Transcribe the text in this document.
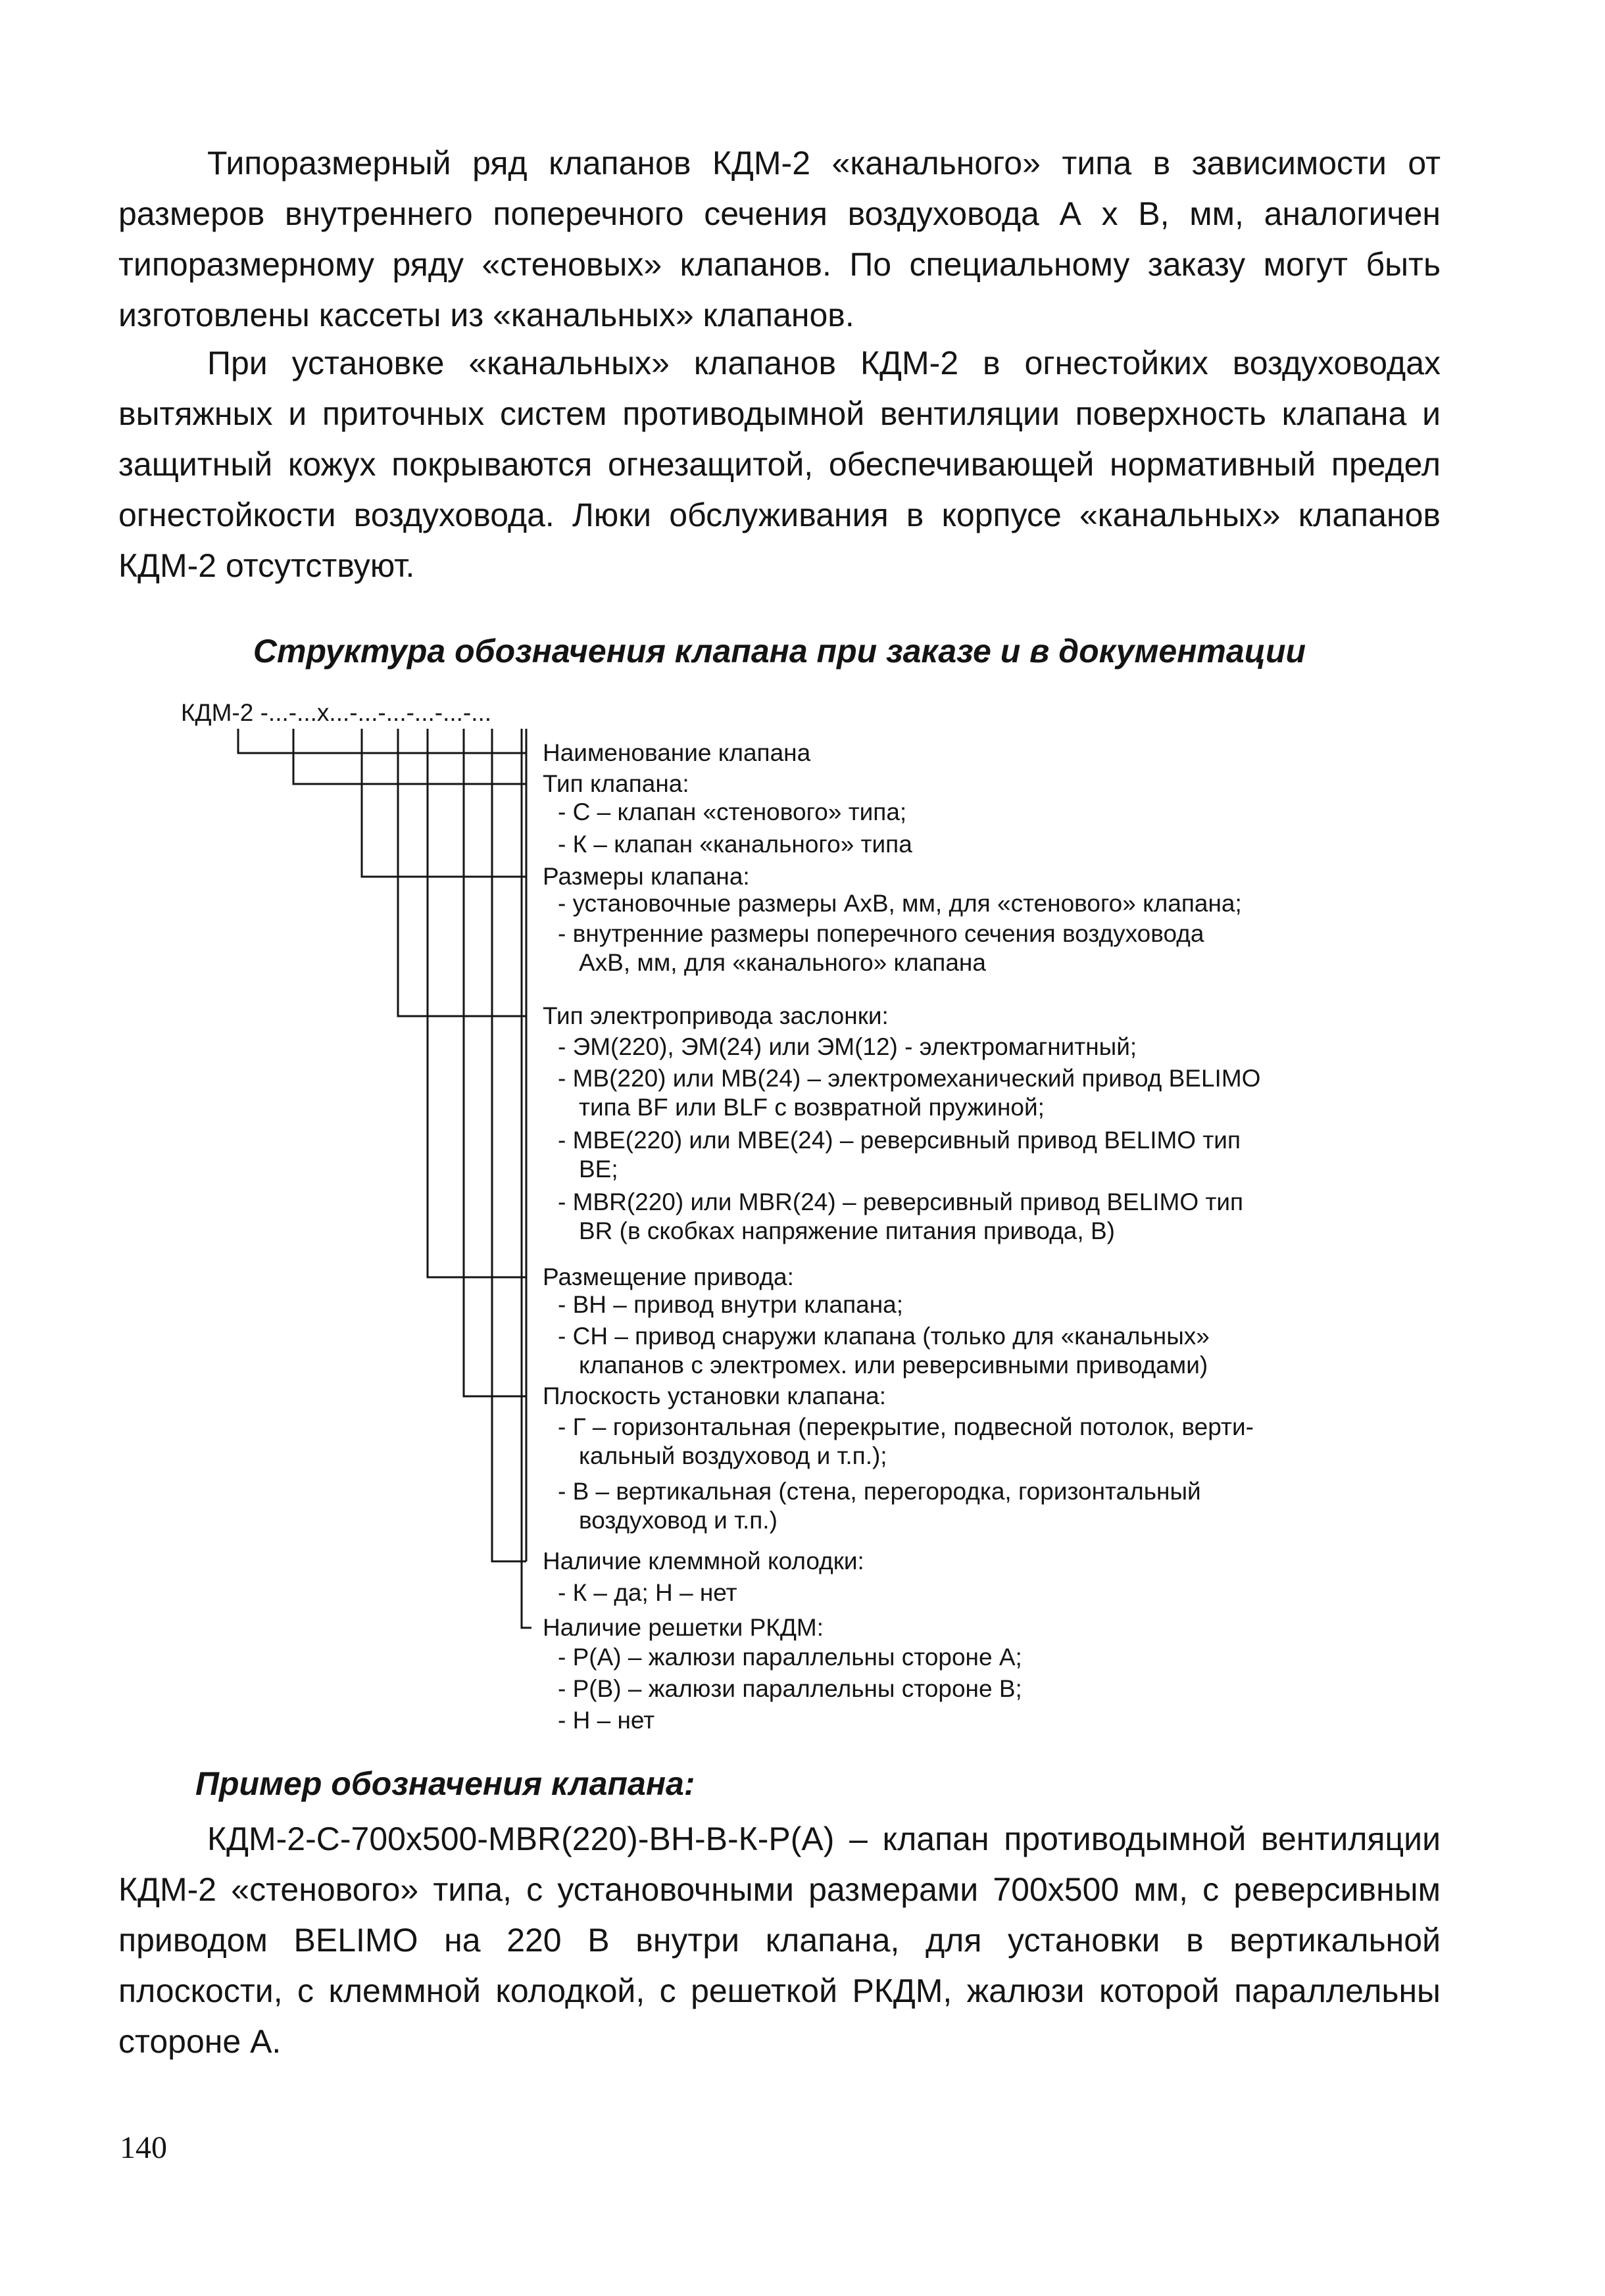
Типоразмерный ряд клапанов КДМ-2 «канального» типа в зависимости от размеров внутреннего поперечного сечения воздуховода А х В, мм, аналогичен типоразмерному ряду «стеновых» клапанов. По специальному заказу могут быть изготовлены кассеты из «канальных» клапанов.

При установке «канальных» клапанов КДМ-2 в огнестойких воздуховодах вытяжных и приточных систем противодымной вентиляции поверхность клапана и защитный кожух покрываются огнезащитой, обеспечивающей нормативный предел огнестойкости воздуховода. Люки обслуживания в корпусе «канальных» клапанов КДМ-2 отсутствуют.

Структура обозначения клапана при заказе и в документации
КДМ-2 -...-...x...-...-...-...-...-...
Наименование клапана
Тип клапана:
- С – клапан «стенового» типа;
- К – клапан «канального» типа
Размеры клапана:
- установочные размеры АхВ, мм, для «стенового» клапана;
- внутренние размеры поперечного сечения воздуховода
АхВ, мм, для «канального» клапана
Тип электропривода заслонки:
- ЭМ(220), ЭМ(24) или ЭМ(12) - электромагнитный;
- MB(220) или MB(24) – электромеханический привод BELIMO
типа BF или BLF с возвратной пружиной;
- MBE(220) или MBE(24) – реверсивный привод BELIMO тип
BE;
- MBR(220) или MBR(24) – реверсивный привод BELIMO тип
BR (в скобках напряжение питания привода, В)
Размещение привода:
- ВН – привод внутри клапана;
- СН – привод снаружи клапана (только для «канальных»
клапанов с электромех. или реверсивными приводами)
Плоскость установки клапана:
- Г – горизонтальная (перекрытие, подвесной потолок, верти-
кальный воздуховод и т.п.);
- В – вертикальная (стена, перегородка, горизонтальный
воздуховод и т.п.)
Наличие клеммной колодки:
- К – да; Н – нет
Наличие решетки РКДМ:
- Р(А) – жалюзи параллельны стороне А;
- Р(В) – жалюзи параллельны стороне В;
- Н – нет
Пример обозначения клапана:

КДМ-2-С-700х500-MBR(220)-ВН-В-К-Р(А) – клапан противодымной вентиляции КДМ-2 «стенового» типа, с установочными размерами 700х500 мм, с реверсивным приводом BELIMO на 220 В внутри клапана, для установки в вертикальной плоскости, с клеммной колодкой, с решеткой РКДМ, жалюзи которой параллельны стороне А.

140
